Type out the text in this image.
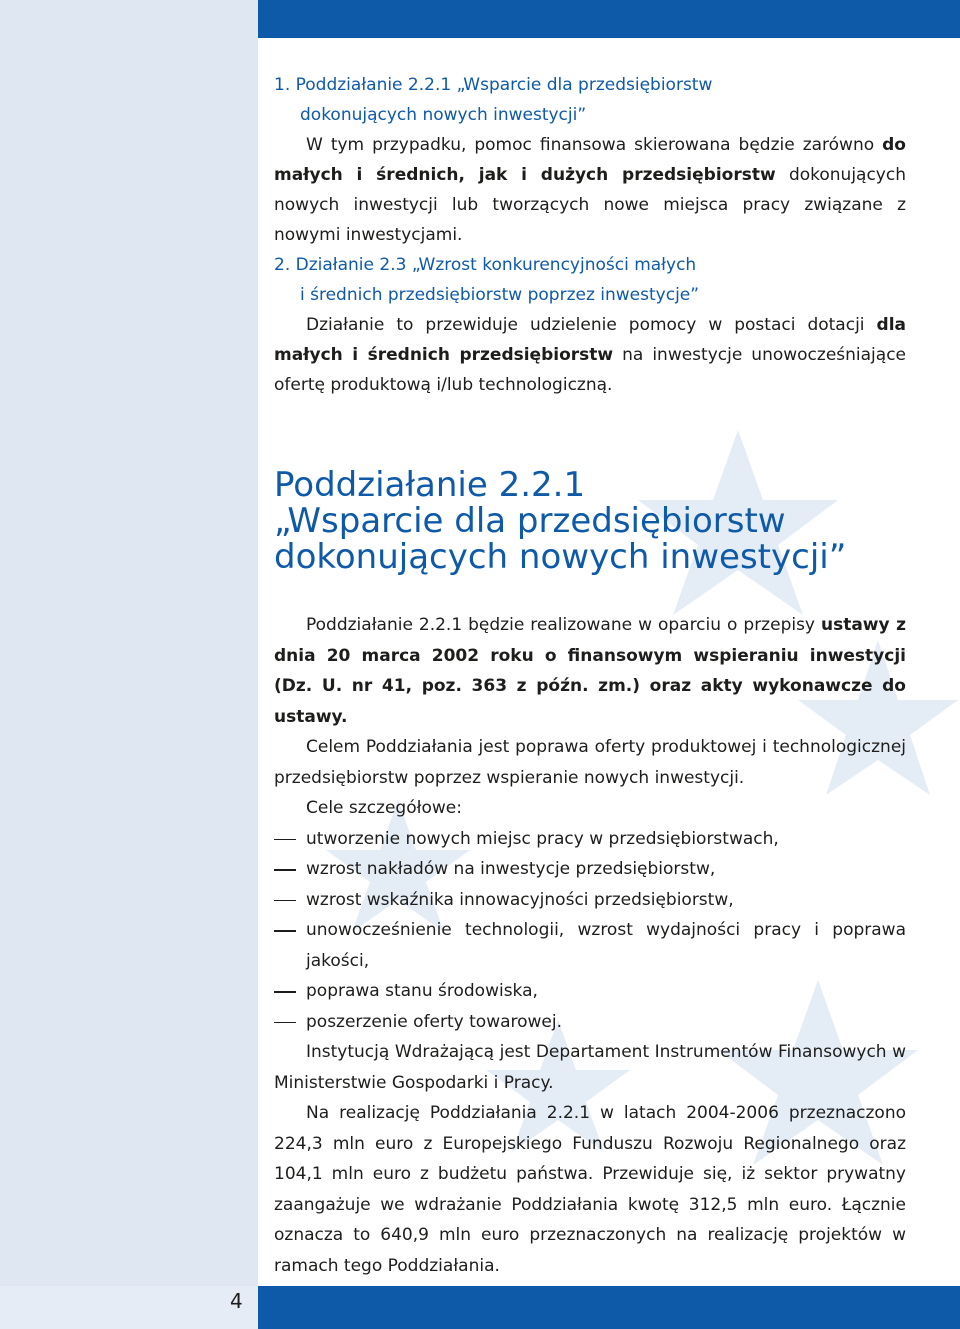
1. Poddziałanie 2.2.1 „Wsparcie dla przedsiębiorstw
dokonujących nowych inwestycji”
W tym przypadku, pomoc finansowa skierowana będzie zarówno do małych i średnich, jak i dużych przedsiębiorstw dokonujących nowych inwestycji lub tworzących nowe miejsca pracy związane z nowymi inwestycjami.
2. Działanie 2.3 „Wzrost konkurencyjności małych
i średnich przedsiębiorstw poprzez inwestycje”
Działanie to przewiduje udzielenie pomocy w postaci dotacji dla małych i średnich przedsiębiorstw na inwestycje unowocześniające ofertę produktową i/lub technologiczną.
Poddziałanie 2.2.1
„Wsparcie dla przedsiębiorstw
dokonujących nowych inwestycji”

Poddziałanie 2.2.1 będzie realizowane w oparciu o przepisy ustawy z dnia 20 marca 2002 roku o finansowym wspieraniu inwestycji (Dz. U. nr 41, poz. 363 z późn. zm.) oraz akty wykonawcze do ustawy.

Celem Poddziałania jest poprawa oferty produktowej i technologicznej przedsiębiorstw poprzez wspieranie nowych inwestycji.

Cele szczegółowe:

utworzenie nowych miejsc pracy w przedsiębiorstwach,
wzrost nakładów na inwestycje przedsiębiorstw,
wzrost wskaźnika innowacyjności przedsiębiorstw,
unowocześnienie technologii, wzrost wydajności pracy i poprawa jakości,
poprawa stanu środowiska,
poszerzenie oferty towarowej.

Instytucją Wdrażającą jest Departament Instrumentów Finansowych w Ministerstwie Gospodarki i Pracy.

Na realizację Poddziałania 2.2.1 w latach 2004-2006 przeznaczono 224,3 mln euro z Europejskiego Funduszu Rozwoju Regionalnego oraz 104,1 mln euro z budżetu państwa. Przewiduje się, iż sektor prywatny zaangażuje we wdrażanie Poddziałania kwotę 312,5 mln euro. Łącznie oznacza to 640,9 mln euro przeznaczonych na realizację projektów w ramach tego Poddziałania.

4
